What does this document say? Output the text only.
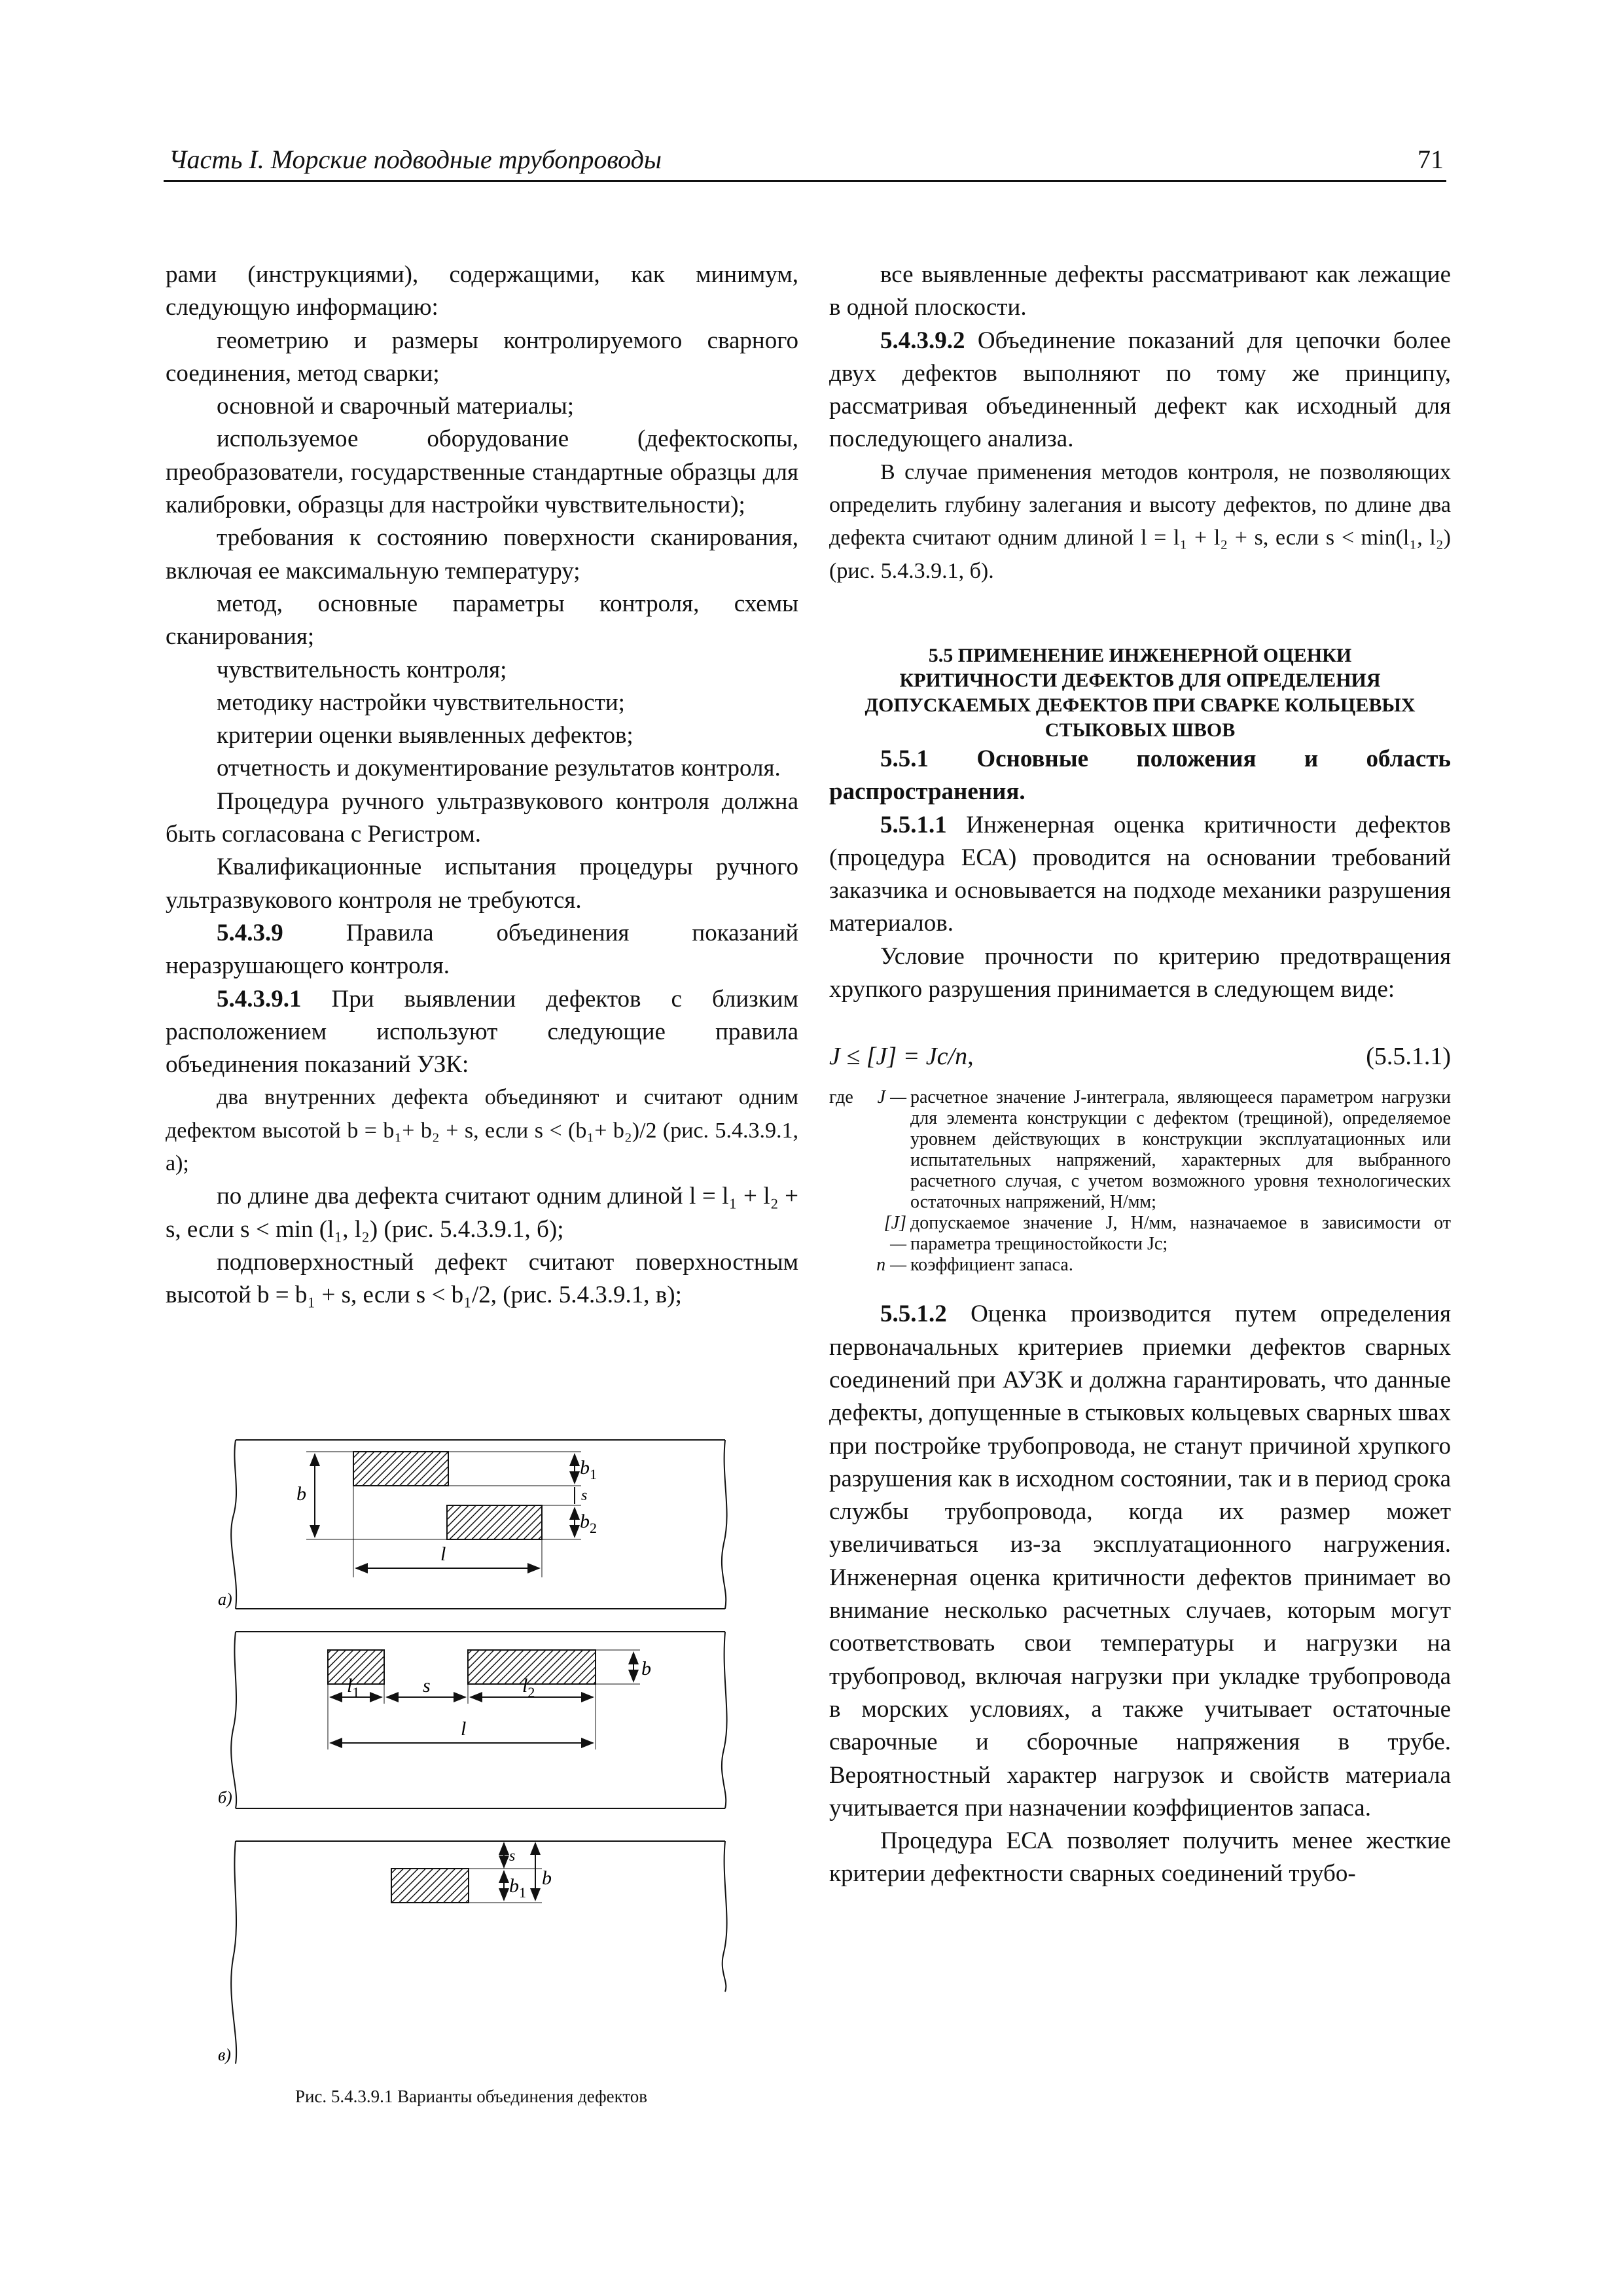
Часть I. Морские подводные трубопроводы	71

рами (инструкциями), содержащими, как минимум, следующую информацию:

геометрию и размеры контролируемого сварного соединения, метод сварки;

основной и сварочный материалы;

используемое оборудование (дефектоскопы, преобразователи, государственные стандартные образцы для калибровки, образцы для настройки чувствительности);

требования к состоянию поверхности сканирования, включая ее максимальную температуру;

метод, основные параметры контроля, схемы сканирования;

чувствительность контроля;

методику настройки чувствительности;

критерии оценки выявленных дефектов;

отчетность и документирование результатов контроля.

Процедура ручного ультразвукового контроля должна быть согласована с Регистром.

Квалификационные испытания процедуры ручного ультразвукового контроля не требуются.

5.4.3.9 Правила объединения показаний неразрушающего контроля.

5.4.3.9.1 При выявлении дефектов с близким расположением используют следующие правила объединения показаний УЗК:

два внутренних дефекта объединяют и считают одним дефектом высотой b = b₁+ b₂ + s, если s < (b₁+ b₂)/2 (рис. 5.4.3.9.1, а);

по длине два дефекта считают одним длиной l = l₁ + l₂ + s, если s < min (l₁, l₂) (рис. 5.4.3.9.1, б);

подповерхностный дефект считают поверхностным высотой b = b₁ + s, если s < b₁/2, (рис. 5.4.3.9.1, в);

b
$b_1$
s
$b_2$
l
а)
b
$l_1$	s	$l_2$
l
б)
s
$b_1$
b
в)
Рис. 5.4.3.9.1 Варианты объединения дефектов

все выявленные дефекты рассматривают как лежащие в одной плоскости.

5.4.3.9.2 Объединение показаний для цепочки более двух дефектов выполняют по тому же принципу, рассматривая объединенный дефект как исходный для последующего анализа.

В случае применения методов контроля, не позволяющих определить глубину залегания и высоту дефектов, по длине два дефекта считают одним длиной l = l₁ + l₂ + s, если s < min(l₁, l₂) (рис. 5.4.3.9.1, б).

5.5 ПРИМЕНЕНИЕ ИНЖЕНЕРНОЙ ОЦЕНКИ КРИТИЧНОСТИ ДЕФЕКТОВ ДЛЯ ОПРЕДЕЛЕНИЯ ДОПУСКАЕМЫХ ДЕФЕКТОВ ПРИ СВАРКЕ КОЛЬЦЕВЫХ СТЫКОВЫХ ШВОВ

5.5.1 Основные положения и область распространения.

5.5.1.1 Инженерная оценка критичности дефектов (процедура ЕСА) проводится на основании требований заказчика и основывается на подходе механики разрушения материалов.

Условие прочности по критерию предотвращения хрупкого разрушения принимается в следующем виде:

J ≤ [J] = Jc/n,	(5.5.1.1)
где	J — расчетное значение J-интеграла, являющееся параметром нагрузки для элемента конструкции с дефектом (трещиной), определяемое уровнем действующих в конструкции эксплуатационных или испытательных напряжений, характерных для выбранного расчетного случая, с учетом возможного уровня технологических остаточных напряжений, Н/мм;
[J] —
допускаемое значение J, Н/мм, назначаемое в зависимости от параметра трещиностойкости Jc;
n — коэффициент запаса.

5.5.1.2 Оценка производится путем определения первоначальных критериев приемки дефектов сварных соединений при АУЗК и должна гарантировать, что данные дефекты, допущенные в стыковых кольцевых сварных швах при постройке трубопровода, не станут причиной хрупкого разрушения как в исходном состоянии, так и в период срока службы трубопровода, когда их размер может увеличиваться из-за эксплуатационного нагружения. Инженерная оценка критичности дефектов принимает во внимание несколько расчетных случаев, которым могут соответствовать свои температуры и нагрузки на трубопровод, включая нагрузки при укладке трубопровода в морских условиях, а также учитывает остаточные сварочные и сборочные напряжения в трубе. Вероятностный характер нагрузок и свойств материала учитывается при назначении коэффициентов запаса.

Процедура ЕСА позволяет получить менее жесткие критерии дефектности сварных соединений трубо-
